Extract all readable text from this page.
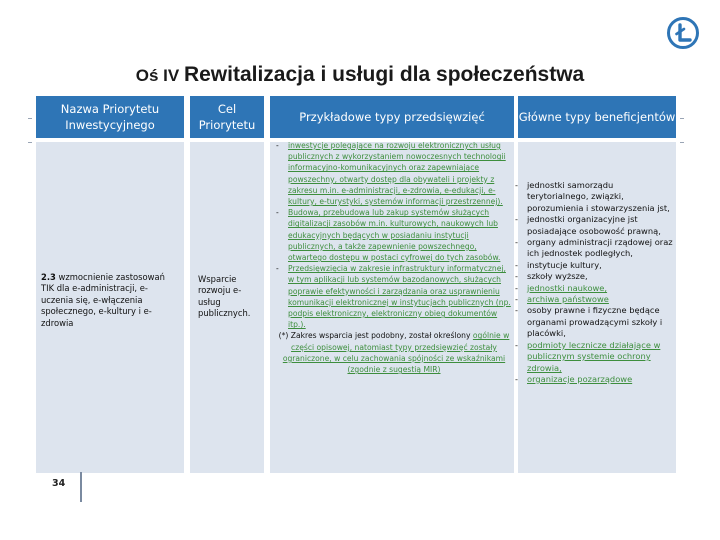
Oś IV Rewitalizacja i usługi dla społeczeństwa
Nazwa Priorytetu Inwestycyjnego
Cel Priorytetu
Przykładowe typy przedsięwzięć	Główne typy beneficjentów
2.3 wzmocnienie zastosowań TIK dla e-administracji, e-uczenia się, e-włączenia społecznego, e-kultury i e-zdrowia
Wsparcie rozwoju e-usług publicznych.
- inwestycje polegające na rozwoju elektronicznych usług publicznych z wykorzystaniem nowoczesnych technologii informacyjno-komunikacyjnych oraz zapewniające powszechny, otwarty dostęp dla obywateli i projekty z zakresu m.in. e-administracji, e-zdrowia, e-edukacji, e-kultury, e-turystyki, systemów informacji przestrzennej).
- Budowa, przebudowa lub zakup systemów służących digitalizacji zasobów m.in. kulturowych, naukowych lub edukacyjnych będących w posiadaniu instytucji publicznych, a także zapewnienie powszechnego, otwartego dostępu w postaci cyfrowej do tych zasobów.
- Przedsięwzięcia w zakresie infrastruktury informatycznej, w tym aplikacji lub systemów bazodanowych, służących poprawie efektywności i zarządzania oraz usprawnieniu komunikacji elektronicznej w instytucjach publicznych (np. podpis elektroniczny, elektroniczny obieg dokumentów itp.).
(*) Zakres wsparcia jest podobny, został określony ogólnie w części opisowej, natomiast typy przedsięwzięć zostały ograniczone, w celu zachowania spójności ze wskaźnikami (zgodnie z sugestią MIR)
- jednostki samorządu terytorialnego, związki, porozumienia i stowarzyszenia jst,
- jednostki organizacyjne jst posiadające osobowość prawną,
- organy administracji rządowej oraz ich jednostek podległych,
- instytucje kultury,
- szkoły wyższe,
- jednostki naukowe,
- archiwa państwowe
- osoby prawne i fizyczne będące organami prowadzącymi szkoły i placówki,
- podmioty lecznicze działające w publicznym systemie ochrony zdrowia,
- organizacje pozarządowe
34
